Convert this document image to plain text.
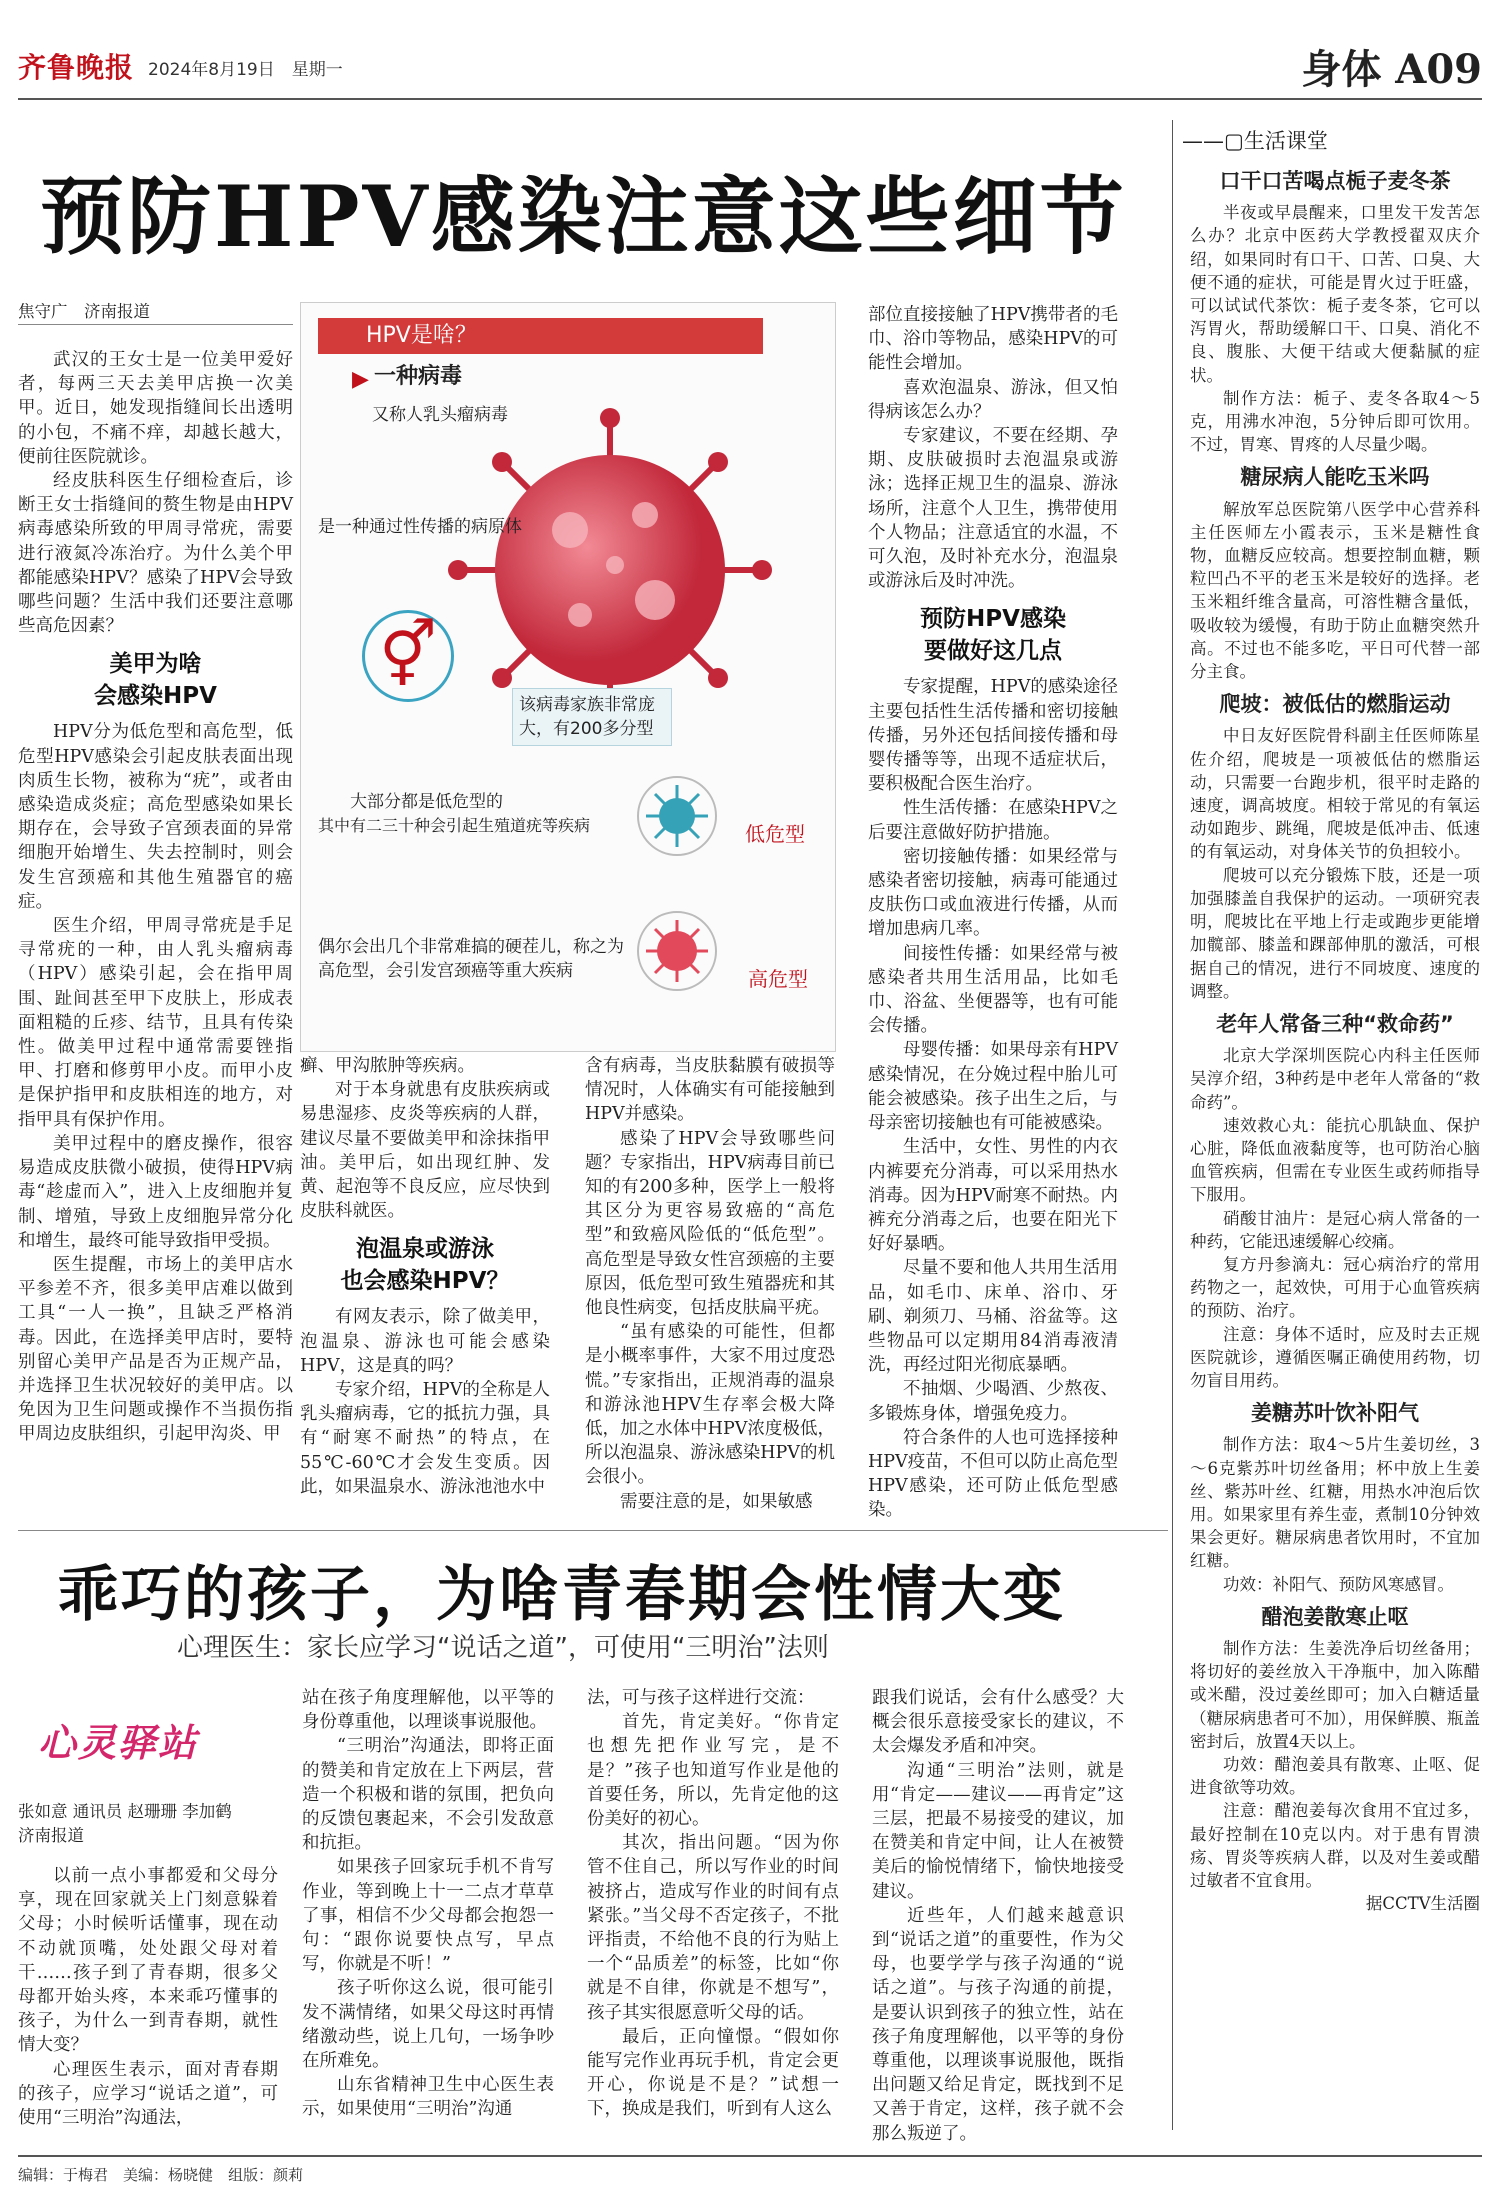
齐鲁晚报 2024年8月19日　 星期一	身体 A09
预防HPV感染注意这些细节
焦守广　济南报道

武汉的王女士是一位美甲爱好者，每两三天去美甲店换一次美甲。近日，她发现指缝间长出透明的小包，不痛不痒，却越长越大，便前往医院就诊。

经皮肤科医生仔细检查后，诊断王女士指缝间的赘生物是由HPV病毒感染所致的甲周寻常疣，需要进行液氮冷冻治疗。为什么美个甲都能感染HPV？感染了HPV会导致哪些问题？生活中我们还要注意哪些高危因素？

美甲为啥
会感染HPV

HPV分为低危型和高危型，低危型HPV感染会引起皮肤表面出现肉质生长物，被称为“疣”，或者由感染造成炎症；高危型感染如果长期存在，会导致子宫颈表面的异常细胞开始增生、失去控制时，则会发生宫颈癌和其他生殖器官的癌症。

医生介绍，甲周寻常疣是手足寻常疣的一种，由人乳头瘤病毒（HPV）感染引起，会在指甲周围、趾间甚至甲下皮肤上，形成表面粗糙的丘疹、结节，且具有传染性。做美甲过程中通常需要锉指甲、打磨和修剪甲小皮。而甲小皮是保护指甲和皮肤相连的地方，对指甲具有保护作用。

美甲过程中的磨皮操作，很容易造成皮肤微小破损，使得HPV病毒“趁虚而入”，进入上皮细胞并复制、增殖，导致上皮细胞异常分化和增生，最终可能导致指甲受损。

医生提醒，市场上的美甲店水平参差不齐，很多美甲店难以做到工具“一人一换”，且缺乏严格消毒。因此，在选择美甲店时，要特别留心美甲产品是否为正规产品，并选择卫生状况较好的美甲店。以免因为卫生问题或操作不当损伤指甲周边皮肤组织，引起甲沟炎、甲

HPV是啥？
▶ 一种病毒
又称人乳头瘤病毒
是一种通过性传播的病原体
⚥
该病毒家族非常庞大，有200多分型
大部分都是低危型的
其中有二三十种会引起生殖道疣等疾病	低危型
偶尔会出几个非常难搞的硬茬儿，称之为高危型，会引发宫颈癌等重大疾病	高危型

癣、甲沟脓肿等疾病。

对于本身就患有皮肤疾病或易患湿疹、皮炎等疾病的人群，建议尽量不要做美甲和涂抹指甲油。美甲后，如出现红肿、发黄、起泡等不良反应，应尽快到皮肤科就医。

泡温泉或游泳
也会感染HPV？

有网友表示，除了做美甲，泡温泉、游泳也可能会感染HPV，这是真的吗？

专家介绍，HPV的全称是人乳头瘤病毒，它的抵抗力强，具有“耐寒不耐热”的特点，在55℃-60℃才会发生变质。因此，如果温泉水、游泳池池水中

含有病毒，当皮肤黏膜有破损等情况时，人体确实有可能接触到HPV并感染。

感染了HPV会导致哪些问题？专家指出，HPV病毒目前已知的有200多种，医学上一般将其区分为更容易致癌的“高危型”和致癌风险低的“低危型”。高危型是导致女性宫颈癌的主要原因，低危型可致生殖器疣和其他良性病变，包括皮肤扁平疣。

“虽有感染的可能性，但都是小概率事件，大家不用过度恐慌。”专家指出，正规消毒的温泉和游泳池HPV生存率会极大降低，加之水体中HPV浓度极低，所以泡温泉、游泳感染HPV的机会很小。

需要注意的是，如果敏感

部位直接接触了HPV携带者的毛巾、浴巾等物品，感染HPV的可能性会增加。

喜欢泡温泉、游泳，但又怕得病该怎么办？

专家建议，不要在经期、孕期、皮肤破损时去泡温泉或游泳；选择正规卫生的温泉、游泳场所，注意个人卫生，携带使用个人物品；注意适宜的水温，不可久泡，及时补充水分，泡温泉或游泳后及时冲洗。

预防HPV感染
要做好这几点

专家提醒，HPV的感染途径主要包括性生活传播和密切接触传播，另外还包括间接传播和母婴传播等等，出现不适症状后，要积极配合医生治疗。

性生活传播：在感染HPV之后要注意做好防护措施。

密切接触传播：如果经常与感染者密切接触，病毒可能通过皮肤伤口或血液进行传播，从而增加患病几率。

间接性传播：如果经常与被感染者共用生活用品，比如毛巾、浴盆、坐便器等，也有可能会传播。

母婴传播：如果母亲有HPV感染情况，在分娩过程中胎儿可能会被感染。孩子出生之后，与母亲密切接触也有可能被感染。

生活中，女性、男性的内衣内裤要充分消毒，可以采用热水消毒。因为HPV耐寒不耐热。内裤充分消毒之后，也要在阳光下好好暴晒。

尽量不要和他人共用生活用品，如毛巾、床单、浴巾、牙刷、剃须刀、马桶、浴盆等。这些物品可以定期用84消毒液清洗，再经过阳光彻底暴晒。

不抽烟、少喝酒、少熬夜、多锻炼身体，增强免疫力。

符合条件的人也可选择接种HPV疫苗，不但可以防止高危型HPV感染，还可防止低危型感染。

——▢生活课堂
口干口苦喝点栀子麦冬茶

半夜或早晨醒来，口里发干发苦怎么办？北京中医药大学教授翟双庆介绍，如果同时有口干、口苦、口臭、大便不通的症状，可能是胃火过于旺盛，可以试试代茶饮：栀子麦冬茶，它可以泻胃火，帮助缓解口干、口臭、消化不良、腹胀、大便干结或大便黏腻的症状。

制作方法：栀子、麦冬各取4～5克，用沸水冲泡，5分钟后即可饮用。不过，胃寒、胃疼的人尽量少喝。

糖尿病人能吃玉米吗

解放军总医院第八医学中心营养科主任医师左小霞表示，玉米是糖性食物，血糖反应较高。想要控制血糖，颗粒凹凸不平的老玉米是较好的选择。老玉米粗纤维含量高，可溶性糖含量低，吸收较为缓慢，有助于防止血糖突然升高。不过也不能多吃，平日可代替一部分主食。

爬坡：被低估的燃脂运动

中日友好医院骨科副主任医师陈星佐介绍，爬坡是一项被低估的燃脂运动，只需要一台跑步机，很平时走路的速度，调高坡度。相较于常见的有氧运动如跑步、跳绳，爬坡是低冲击、低速的有氧运动，对身体关节的负担较小。

爬坡可以充分锻炼下肢，还是一项加强膝盖自我保护的运动。一项研究表明，爬坡比在平地上行走或跑步更能增加髋部、膝盖和踝部伸肌的激活，可根据自己的情况，进行不同坡度、速度的调整。

老年人常备三种“救命药”

北京大学深圳医院心内科主任医师吴淳介绍，3种药是中老年人常备的“救命药”。

速效救心丸：能抗心肌缺血、保护心脏，降低血液黏度等，也可防治心脑血管疾病，但需在专业医生或药师指导下服用。

硝酸甘油片：是冠心病人常备的一种药，它能迅速缓解心绞痛。

复方丹参滴丸：冠心病治疗的常用药物之一，起效快，可用于心血管疾病的预防、治疗。

注意：身体不适时，应及时去正规医院就诊，遵循医嘱正确使用药物，切勿盲目用药。

姜糖苏叶饮补阳气

制作方法：取4～5片生姜切丝，3～6克紫苏叶切丝备用；杯中放上生姜丝、紫苏叶丝、红糖，用热水冲泡后饮用。如果家里有养生壶，煮制10分钟效果会更好。糖尿病患者饮用时，不宜加红糖。

功效：补阳气、预防风寒感冒。

醋泡姜散寒止呕

制作方法：生姜洗净后切丝备用；将切好的姜丝放入干净瓶中，加入陈醋或米醋，没过姜丝即可；加入白糖适量（糖尿病患者可不加），用保鲜膜、瓶盖密封后，放置4天以上。

功效：醋泡姜具有散寒、止呕、促进食欲等功效。

注意：醋泡姜每次食用不宜过多，最好控制在10克以内。对于患有胃溃疡、胃炎等疾病人群，以及对生姜或醋过敏者不宜食用。

据CCTV生活圈

乖巧的孩子，为啥青春期会性情大变
心理医生：家长应学习“说话之道”，可使用“三明治”法则
心灵驿站
张如意 通讯员 赵珊珊 李加鹤
济南报道

以前一点小事都爱和父母分享，现在回家就关上门刻意躲着父母；小时候听话懂事，现在动不动就顶嘴，处处跟父母对着干……孩子到了青春期，很多父母都开始头疼，本来乖巧懂事的孩子，为什么一到青春期，就性情大变？

心理医生表示，面对青春期的孩子，应学习“说话之道”，可使用“三明治”沟通法，

站在孩子角度理解他，以平等的身份尊重他，以理谈事说服他。

“三明治”沟通法，即将正面的赞美和肯定放在上下两层，营造一个积极和谐的氛围，把负向的反馈包裹起来，不会引发敌意和抗拒。

如果孩子回家玩手机不肯写作业，等到晚上十一二点才草草了事，相信不少父母都会抱怨一句：“跟你说要快点写，早点写，你就是不听！”

孩子听你这么说，很可能引发不满情绪，如果父母这时再情绪激动些，说上几句，一场争吵在所难免。

山东省精神卫生中心医生表示，如果使用“三明治”沟通

法，可与孩子这样进行交流：

首先，肯定美好。“你肯定也想先把作业写完，是不是？”孩子也知道写作业是他的首要任务，所以，先肯定他的这份美好的初心。

其次，指出问题。“因为你管不住自己，所以写作业的时间被挤占，造成写作业的时间有点紧张。”当父母不否定孩子，不批评指责，不给他不良的行为贴上一个“品质差”的标签，比如“你就是不自律，你就是不想写”，孩子其实很愿意听父母的话。

最后，正向憧憬。“假如你能写完作业再玩手机，肯定会更开心，你说是不是？”试想一下，换成是我们，听到有人这么

跟我们说话，会有什么感受？大概会很乐意接受家长的建议，不太会爆发矛盾和冲突。

沟通“三明治”法则，就是用“肯定——建议——再肯定”这三层，把最不易接受的建议，加在赞美和肯定中间，让人在被赞美后的愉悦情绪下，愉快地接受建议。

近些年，人们越来越意识到“说话之道”的重要性，作为父母，也要学学与孩子沟通的“说话之道”。与孩子沟通的前提，是要认识到孩子的独立性，站在孩子角度理解他，以平等的身份尊重他，以理谈事说服他，既指出问题又给足肯定，既找到不足又善于肯定，这样，孩子就不会那么叛逆了。

编辑：于梅君　 美编：杨晓健　 组版：颜莉
